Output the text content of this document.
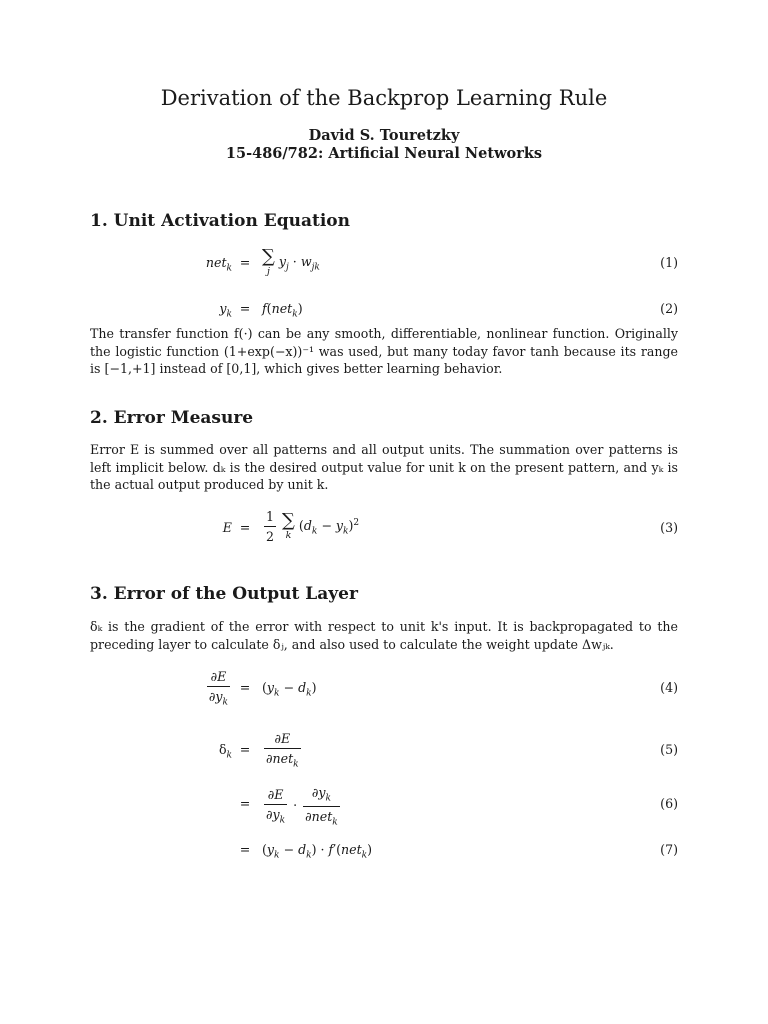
Derivation of the Backprop Learning Rule
David S. Touretzky
15-486/782: Artificial Neural Networks
1. Unit Activation Equation
net$_k$ = ∑
j
$y_j \cdot w_{jk}$	(1)
$y_k = f(net_k)$	(2)
The transfer function f(·) can be any smooth, differentiable, nonlinear function. Originally the logistic function (1+exp(−x))⁻¹ was used, but many today favor tanh because its range is [−1,+1] instead of [0,1], which gives better learning behavior.
2. Error Measure
Error E is summed over all patterns and all output units. The summation over patterns is left implicit below. dₖ is the desired output value for unit k on the present pattern, and yₖ is the actual output produced by unit k.
$E = \frac{1}{2}$
∑
k
$(d_k - y_k)^2$	(3)
3. Error of the Output Layer
δₖ is the gradient of the error with respect to unit k's input. It is backpropagated to the preceding layer to calculate δⱼ, and also used to calculate the weight update Δwⱼₖ.
$\frac{\partial E}{\partial y_k} = (y_k - d_k)$	(4)
$\delta_k = \frac{\partial E}{\partial net_k}$	(5)
= $\frac{\partial E}{\partial y_k} \cdot \frac{\partial y_k}{\partial net_k}$	(6)
= $(y_k - d_k) \cdot f'(net_k)$	(7)
